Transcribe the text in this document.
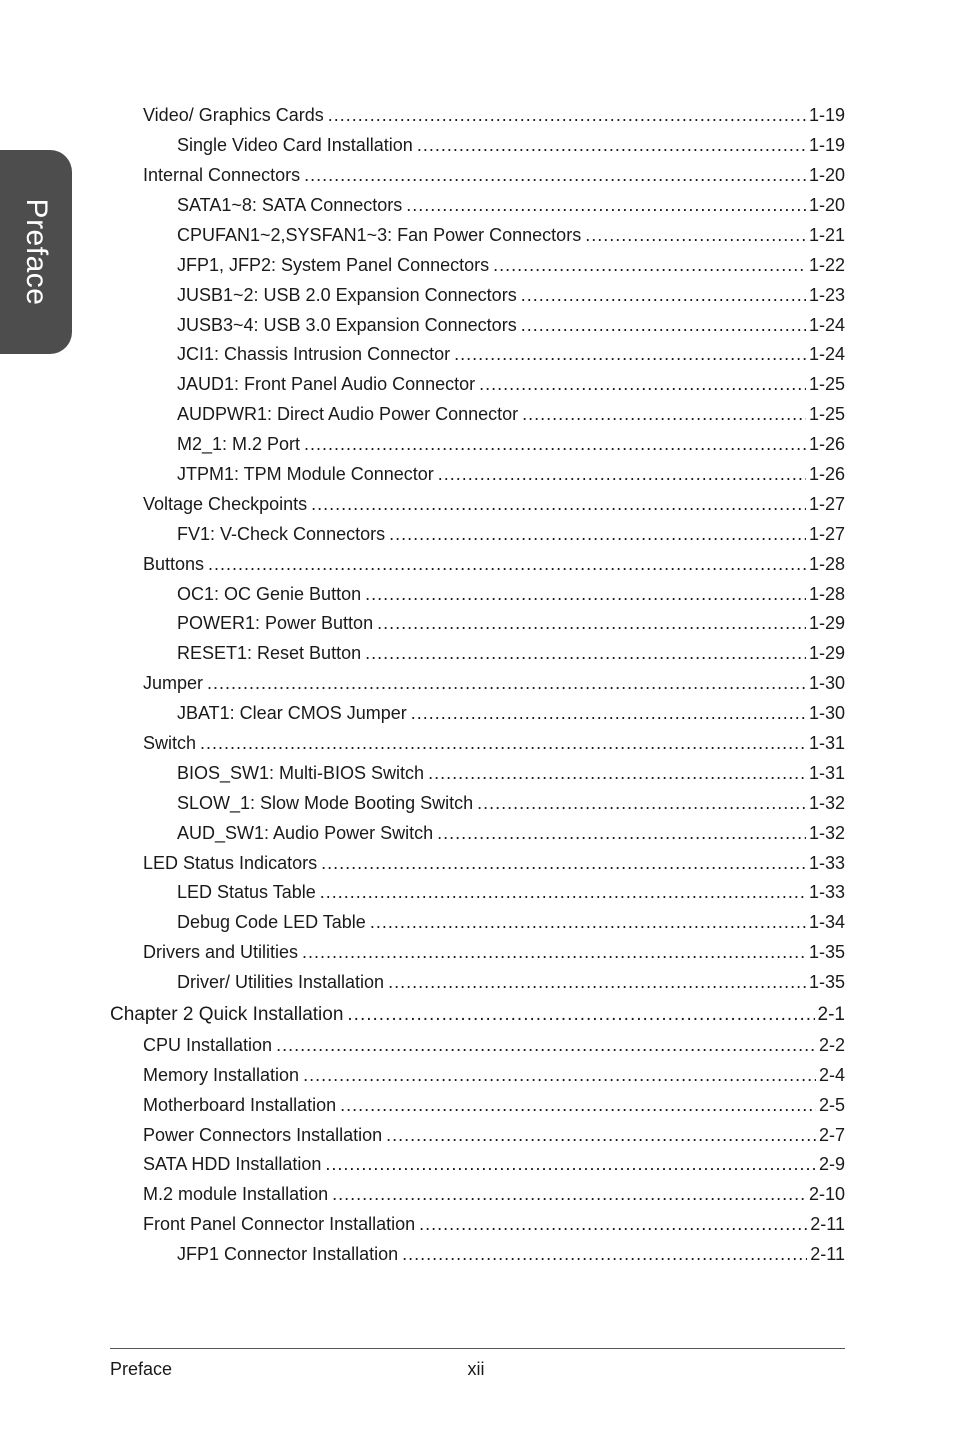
Preface
Video/ Graphics Cards .....	1-19
Single Video Card Installation .....	1-19
Internal Connectors .....	1-20
SATA1~8: SATA Connectors .....	1-20
CPUFAN1~2,SYSFAN1~3: Fan Power Connectors .....	1-21
JFP1, JFP2: System Panel Connectors .....	1-22
JUSB1~2: USB 2.0 Expansion Connectors .....	1-23
JUSB3~4: USB 3.0 Expansion Connectors .....	1-24
JCI1: Chassis Intrusion Connector .....	1-24
JAUD1: Front Panel Audio Connector .....	1-25
AUDPWR1: Direct Audio Power Connector .....	1-25
M2_1: M.2 Port .....	1-26
JTPM1: TPM Module Connector .....	1-26
Voltage Checkpoints .....	1-27
FV1: V-Check Connectors .....	1-27
Buttons .....	1-28
OC1: OC Genie Button .....	1-28
POWER1: Power Button .....	1-29
RESET1: Reset Button .....	1-29
Jumper .....	1-30
JBAT1: Clear CMOS Jumper .....	1-30
Switch .....	1-31
BIOS_SW1: Multi-BIOS Switch .....	1-31
SLOW_1: Slow Mode Booting Switch .....	1-32
AUD_SW1: Audio Power Switch .....	1-32
LED Status Indicators .....	1-33
LED Status Table .....	1-33
Debug Code LED Table .....	1-34
Drivers and Utilities .....	1-35
Driver/ Utilities Installation .....	1-35
Chapter 2 Quick Installation .....	2-1
CPU Installation .....	2-2
Memory Installation .....	2-4
Motherboard Installation .....	2-5
Power Connectors Installation .....	2-7
SATA HDD Installation .....	2-9
M.2 module Installation .....	2-10
Front Panel Connector Installation .....	2-11
JFP1 Connector Installation .....	2-11
Preface	xii
